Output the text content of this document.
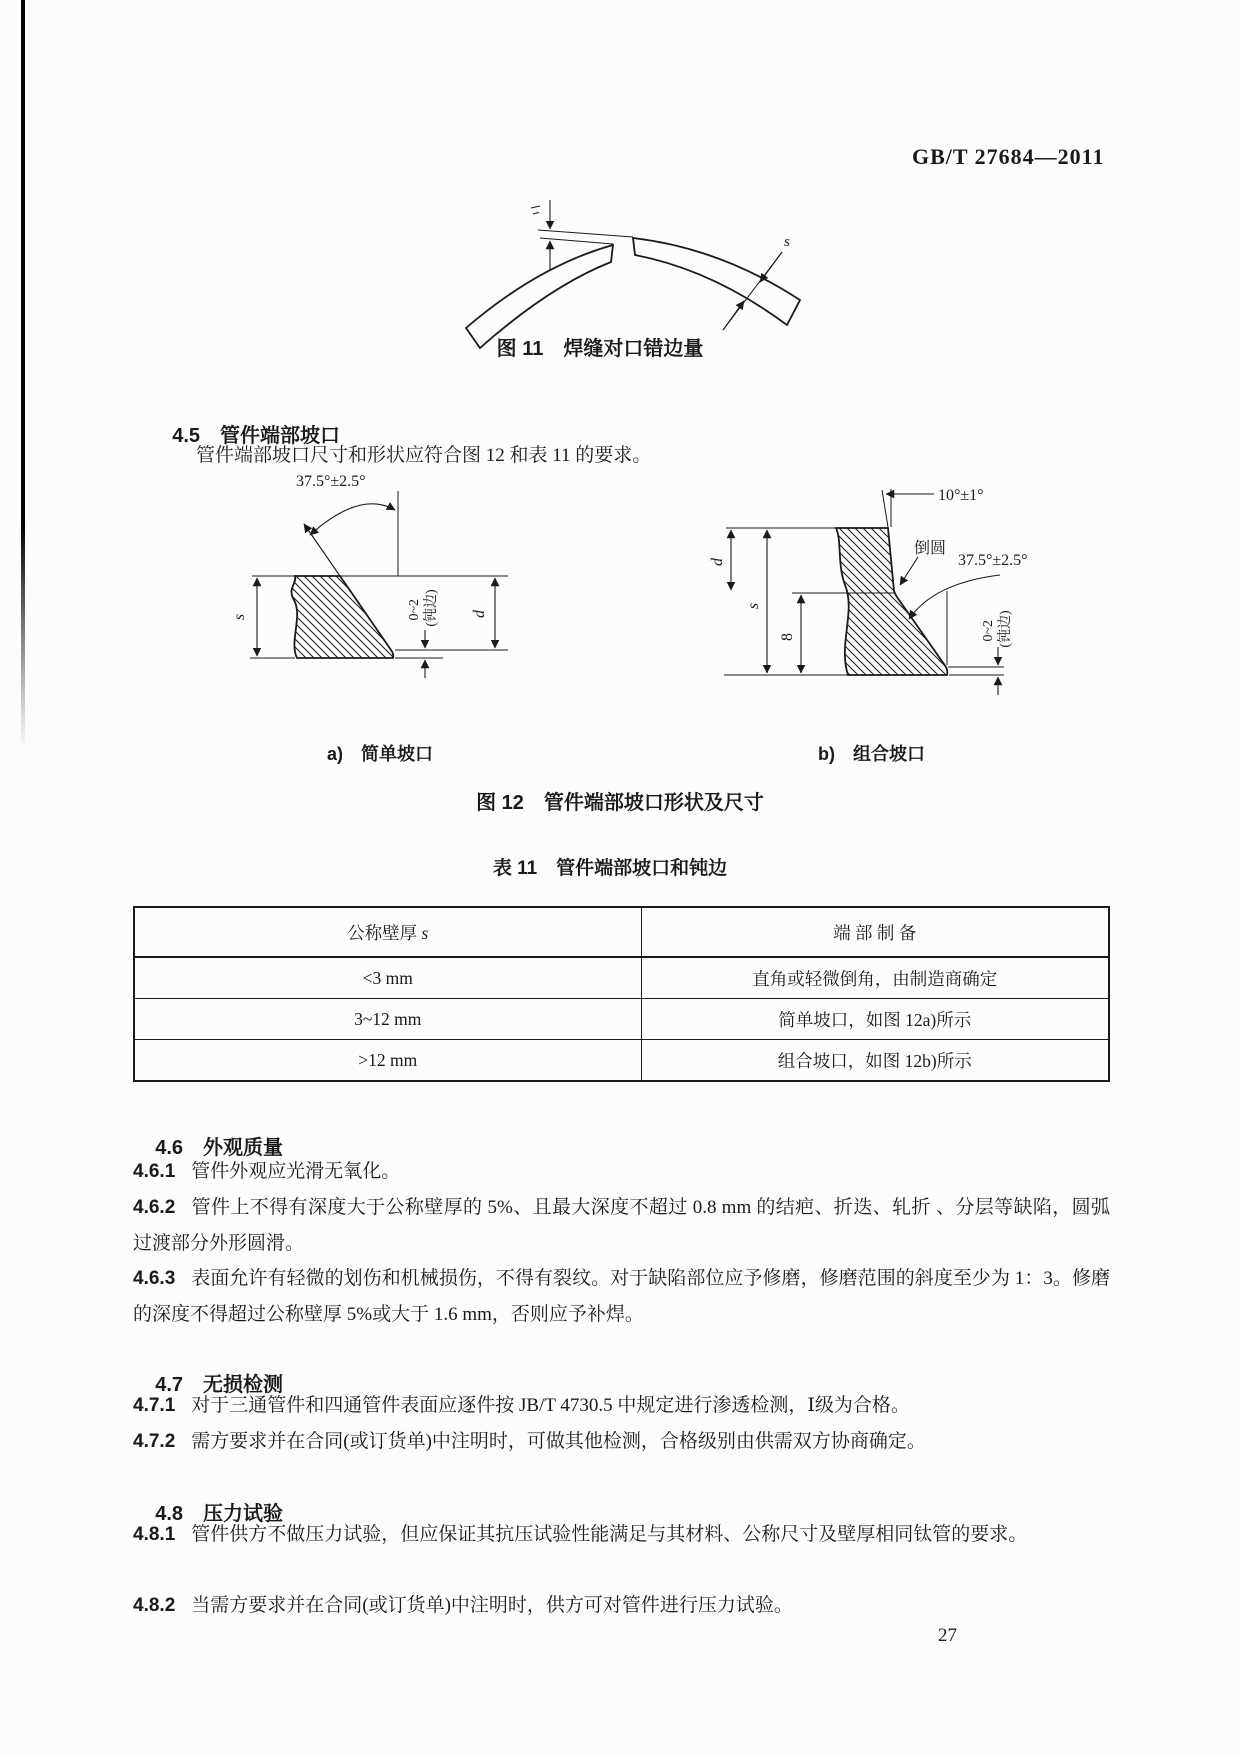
GB/T 27684—2011
s
图 11　焊缝对口错边量

4.5 管件端部坡口

管件端部坡口尺寸和形状应符合图 12 和表 11 的要求。
37.5°±2.5°
s	0~2 (钝边) d
10°±1°
倒圆
37.5°±2.5°
d
s
8	0~2 (钝边)
a)　简单坡口	b)　组合坡口
图 12　管件端部坡口形状及尺寸
表 11　管件端部坡口和钝边
公称壁厚 s	端 部 制 备
<3 mm	直角或轻微倒角，由制造商确定
3~12 mm	简单坡口，如图 12a)所示
>12 mm	组合坡口，如图 12b)所示

4.6 外观质量

4.6.1 管件外观应光滑无氧化。
4.6.2 管件上不得有深度大于公称壁厚的 5%、且最大深度不超过 0.8 mm 的结疤、折迭、轧折 、分层等缺陷，圆弧过渡部分外形圆滑。
4.6.3 表面允许有轻微的划伤和机械损伤，不得有裂纹。对于缺陷部位应予修磨，修磨范围的斜度至少为 1：3。修磨的深度不得超过公称壁厚 5%或大于 1.6 mm，否则应予补焊。

4.7 无损检测

4.7.1 对于三通管件和四通管件表面应逐件按 JB/T 4730.5 中规定进行渗透检测，Ⅰ级为合格。
4.7.2 需方要求并在合同(或订货单)中注明时，可做其他检测，合格级别由供需双方协商确定。

4.8 压力试验

4.8.1 管件供方不做压力试验，但应保证其抗压试验性能满足与其材料、公称尺寸及壁厚相同钛管的要求。
4.8.2 当需方要求并在合同(或订货单)中注明时，供方可对管件进行压力试验。
27
